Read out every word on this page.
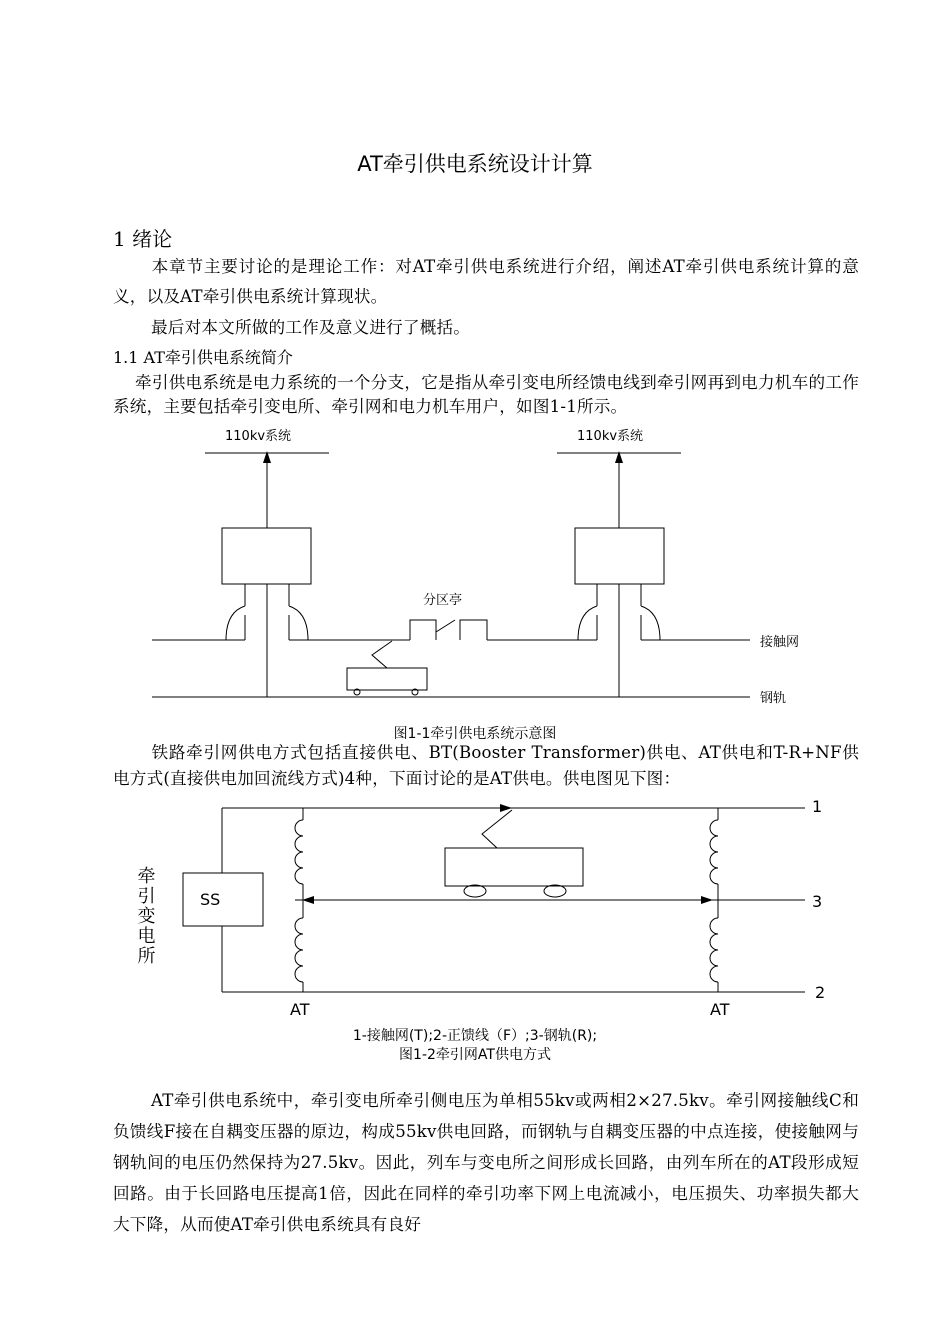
AT牵引供电系统设计计算
1 绪论
本章节主要讨论的是理论工作：对AT牵引供电系统进行介绍，阐述AT牵引供电系统计算的意义，以及AT牵引供电系统计算现状。
最后对本文所做的工作及意义进行了概括。
1.1 AT牵引供电系统简介
牵引供电系统是电力系统的一个分支，它是指从牵引变电所经馈电线到牵引网再到电力机车的工作系统，主要包括牵引变电所、牵引网和电力机车用户，如图1-1所示。
110kv系统	110kv系统
分区亭
接触网
钢轨
图1-1牵引供电系统示意图
铁路牵引网供电方式包括直接供电、BT(Booster Transformer)供电、AT供电和T-R+NF供电方式(直接供电加回流线方式)4种，下面讨论的是AT供电。供电图见下图：
SS
AT	AT
1
3
2
牵引变电所
1-接触网(T);2-正馈线（F）;3-钢轨(R);
图1-2牵引网AT供电方式
AT牵引供电系统中，牵引变电所牵引侧电压为单相55kv或两相2×27.5kv。牵引网接触线C和负馈线F接在自耦变压器的原边，构成55kv供电回路，而钢轨与自耦变压器的中点连接，使接触网与钢轨间的电压仍然保持为27.5kv。因此，列车与变电所之间形成长回路，由列车所在的AT段形成短回路。由于长回路电压提高1倍，因此在同样的牵引功率下网上电流减小，电压损失、功率损失都大大下降，从而使AT牵引供电系统具有良好
